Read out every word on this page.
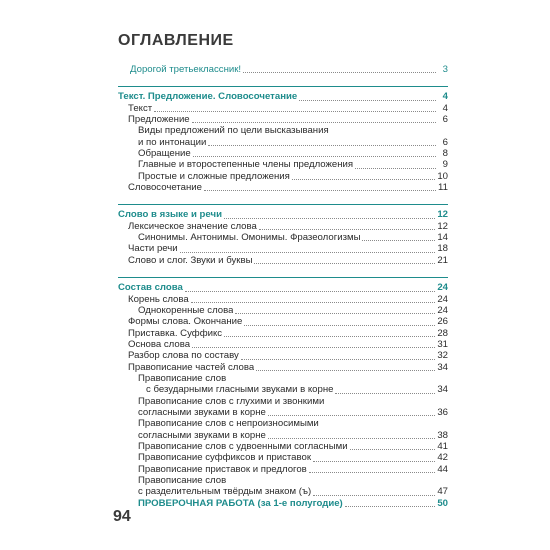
ОГЛАВЛЕНИЕ
Дорогой третьеклассник!	3
Текст. Предложение. Словосочетание	4
Текст	4
Предложение	6
Виды предложений по цели высказывания
и по интонации	6
Обращение	8
Главные и второстепенные члены предложения	9
Простые и сложные предложения	10
Словосочетание	11
Слово в языке и речи	12
Лексическое значение слова	12
Синонимы. Антонимы. Омонимы. Фразеологизмы	14
Части речи	18
Слово и слог. Звуки и буквы	21
Состав слова	24
Корень слова	24
Однокоренные слова	24
Формы слова. Окончание	26
Приставка. Суффикс	28
Основа слова	31
Разбор слова по составу	32
Правописание частей слова	34
Правописание слов
с безударными гласными звуками в корне	34
Правописание слов с глухими и звонкими
согласными звуками в корне	36
Правописание слов с непроизносимыми
согласными звуками в корне	38
Правописание слов с удвоенными согласными	41
Правописание суффиксов и приставок	42
Правописание приставок и предлогов	44
Правописание слов
с разделительным твёрдым знаком (ъ)	47
ПРОВЕРОЧНАЯ РАБОТА (за 1-е полугодие)	50
94
